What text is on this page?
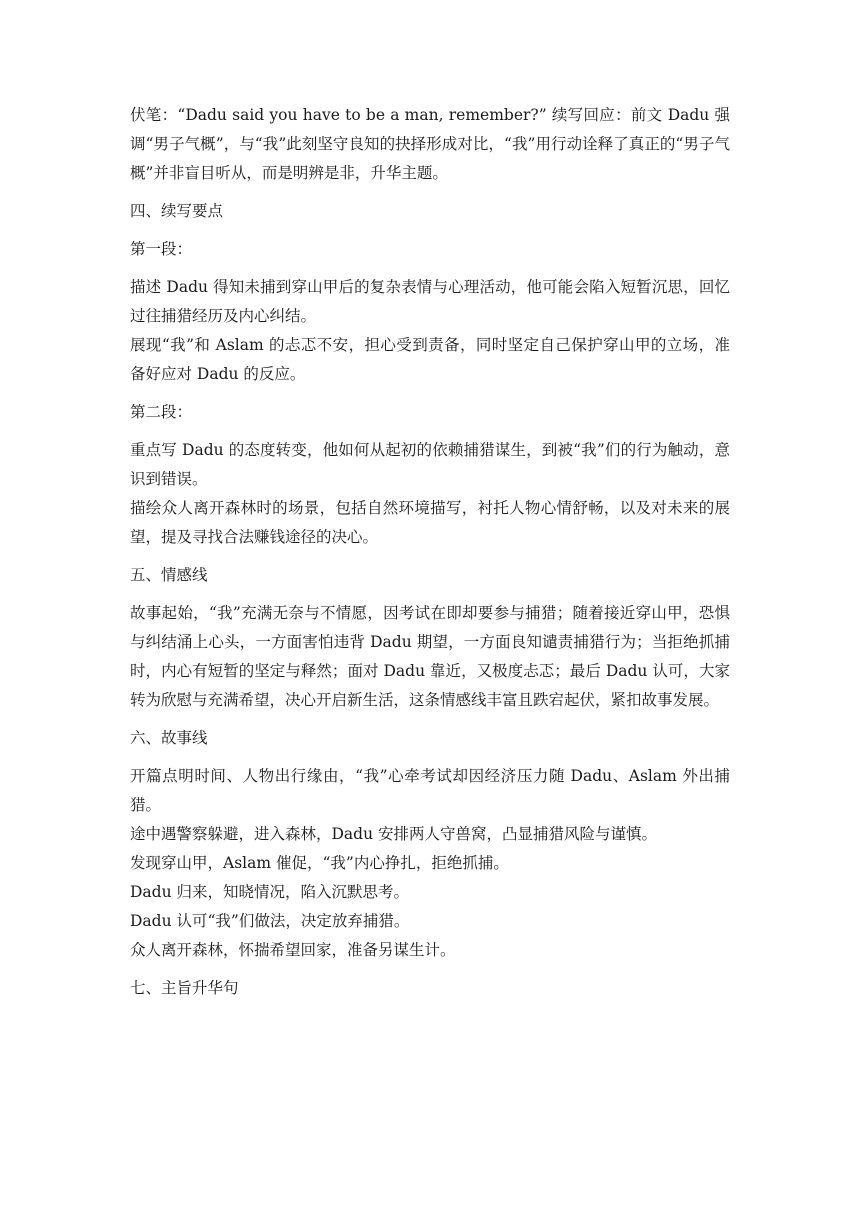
伏笔：“Dadu said you have to be a man, remember?” 续写回应：前文 Dadu 强调“男子气概”，与“我”此刻坚守良知的抉择形成对比，“我”用行动诠释了真正的“男子气概”并非盲目听从，而是明辨是非，升华主题。

四、续写要点
第一段：

描述 Dadu 得知未捕到穿山甲后的复杂表情与心理活动，他可能会陷入短暂沉思，回忆过往捕猎经历及内心纠结。

展现“我”和 Aslam 的忐忑不安，担心受到责备，同时坚定自己保护穿山甲的立场，准备好应对 Dadu 的反应。

第二段：

重点写 Dadu 的态度转变，他如何从起初的依赖捕猎谋生，到被“我”们的行为触动，意识到错误。

描绘众人离开森林时的场景，包括自然环境描写，衬托人物心情舒畅，以及对未来的展望，提及寻找合法赚钱途径的决心。

五、情感线

故事起始，“我”充满无奈与不情愿，因考试在即却要参与捕猎；随着接近穿山甲，恐惧与纠结涌上心头，一方面害怕违背 Dadu 期望，一方面良知谴责捕猎行为；当拒绝抓捕时，内心有短暂的坚定与释然；面对 Dadu 靠近，又极度忐忑；最后 Dadu 认可，大家转为欣慰与充满希望，决心开启新生活，这条情感线丰富且跌宕起伏，紧扣故事发展。

六、故事线

开篇点明时间、人物出行缘由，“我”心牵考试却因经济压力随 Dadu、Aslam 外出捕猎。

途中遇警察躲避，进入森林，Dadu 安排两人守兽窝，凸显捕猎风险与谨慎。

发现穿山甲，Aslam 催促，“我”内心挣扎，拒绝抓捕。

Dadu 归来，知晓情况，陷入沉默思考。

Dadu 认可“我”们做法，决定放弃捕猎。

众人离开森林，怀揣希望回家，准备另谋生计。

七、主旨升华句
